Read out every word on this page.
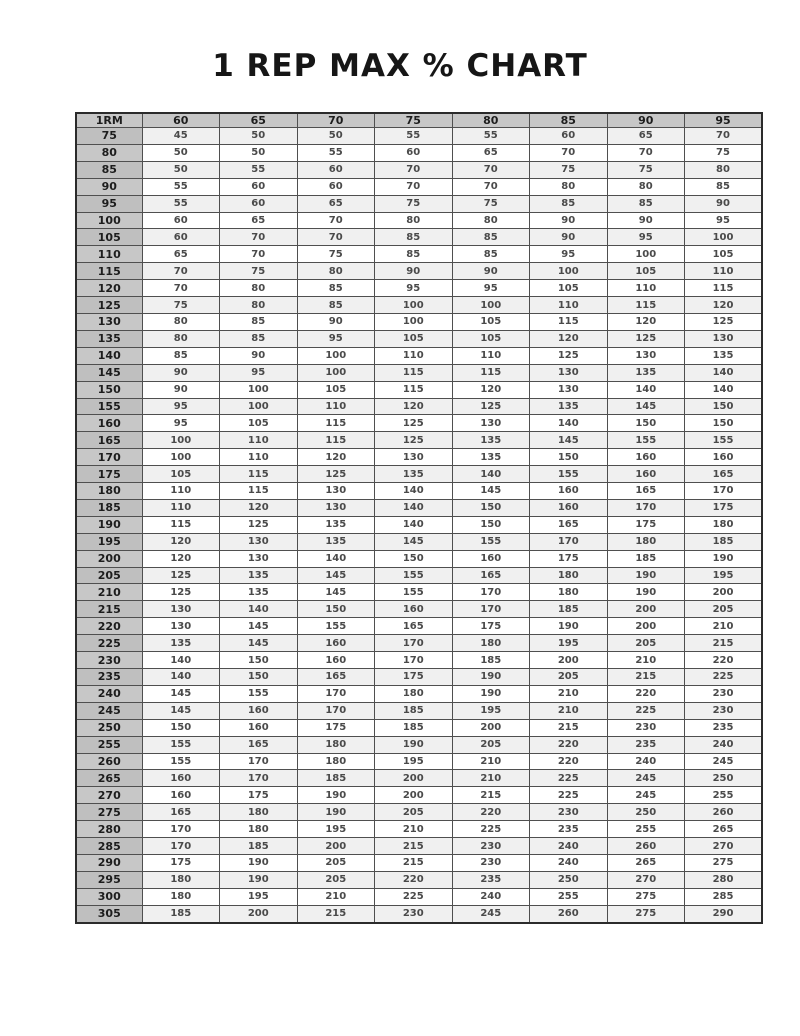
1 REP MAX % CHART
1RM	60	65	70	75	80	85	90	95
75	45	50	50	55	55	60	65	70
80	50	50	55	60	65	70	70	75
85	50	55	60	70	70	75	75	80
90	55	60	60	70	70	80	80	85
95	55	60	65	75	75	85	85	90
100	60	65	70	80	80	90	90	95
105	60	70	70	85	85	90	95	100
110	65	70	75	85	85	95	100	105
115	70	75	80	90	90	100	105	110
120	70	80	85	95	95	105	110	115
125	75	80	85	100	100	110	115	120
130	80	85	90	100	105	115	120	125
135	80	85	95	105	105	120	125	130
140	85	90	100	110	110	125	130	135
145	90	95	100	115	115	130	135	140
150	90	100	105	115	120	130	140	140
155	95	100	110	120	125	135	145	150
160	95	105	115	125	130	140	150	150
165	100	110	115	125	135	145	155	155
170	100	110	120	130	135	150	160	160
175	105	115	125	135	140	155	160	165
180	110	115	130	140	145	160	165	170
185	110	120	130	140	150	160	170	175
190	115	125	135	140	150	165	175	180
195	120	130	135	145	155	170	180	185
200	120	130	140	150	160	175	185	190
205	125	135	145	155	165	180	190	195
210	125	135	145	155	170	180	190	200
215	130	140	150	160	170	185	200	205
220	130	145	155	165	175	190	200	210
225	135	145	160	170	180	195	205	215
230	140	150	160	170	185	200	210	220
235	140	150	165	175	190	205	215	225
240	145	155	170	180	190	210	220	230
245	145	160	170	185	195	210	225	230
250	150	160	175	185	200	215	230	235
255	155	165	180	190	205	220	235	240
260	155	170	180	195	210	220	240	245
265	160	170	185	200	210	225	245	250
270	160	175	190	200	215	225	245	255
275	165	180	190	205	220	230	250	260
280	170	180	195	210	225	235	255	265
285	170	185	200	215	230	240	260	270
290	175	190	205	215	230	240	265	275
295	180	190	205	220	235	250	270	280
300	180	195	210	225	240	255	275	285
305	185	200	215	230	245	260	275	290
